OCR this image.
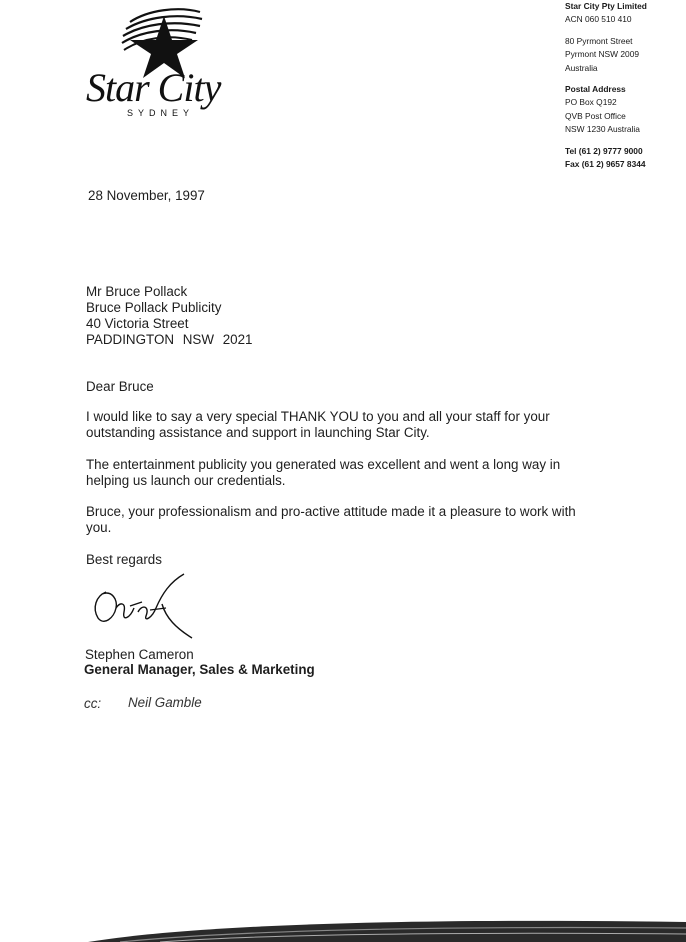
Star City
SYDNEY
Star City Pty Limited
ACN 060 510 410
80 Pyrmont Street
Pyrmont NSW 2009
Australia
Postal Address
PO Box Q192
QVB Post Office
NSW 1230 Australia
Tel (61 2) 9777 9000
Fax (61 2) 9657 8344
28 November, 1997
Mr Bruce Pollack
Bruce Pollack Publicity
40 Victoria Street
PADDINGTON NSW 2021
Dear Bruce
I would like to say a very special THANK YOU to you and all your staff for your outstanding assistance and support in launching Star City.
The entertainment publicity you generated was excellent and went a long way in helping us launch our credentials.
Bruce, your professionalism and pro-active attitude made it a pleasure to work with you.
Best regards
Stephen Cameron
General Manager, Sales & Marketing
cc: Neil Gamble
